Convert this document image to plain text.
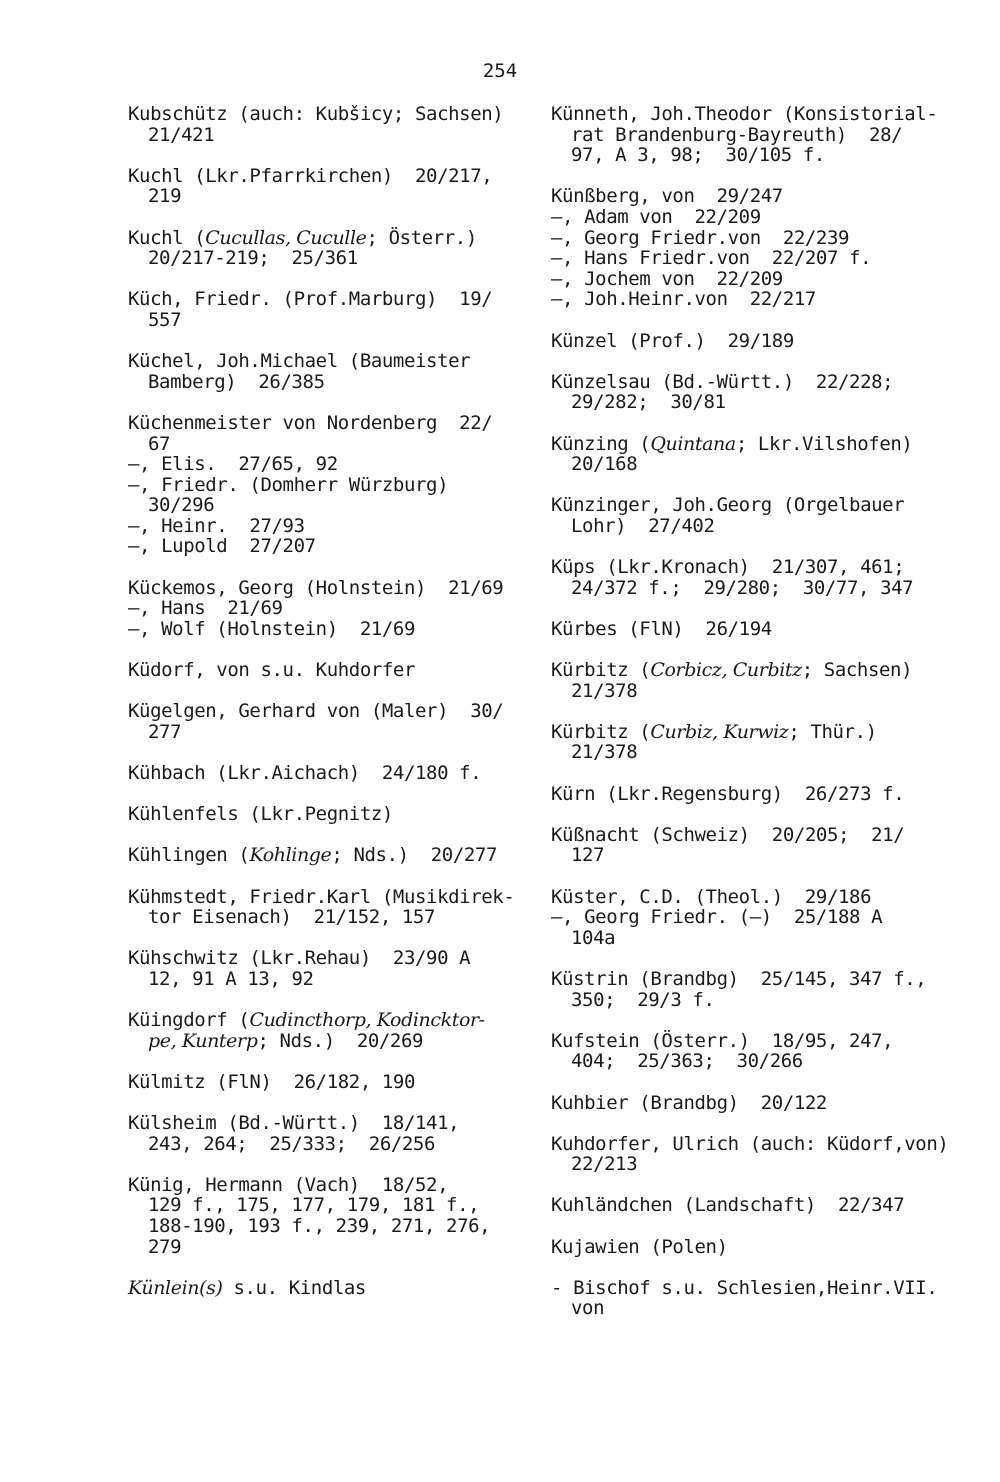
254
Kubschütz (auch: Kubšicy; Sachsen)
21/421
Kuchl (Lkr.Pfarrkirchen)  20/217,
219
Kuchl (Cucullas, Cuculle; Österr.)
20/217-219;  25/361
Küch, Friedr. (Prof.Marburg)  19/
557
Küchel, Joh.Michael (Baumeister
Bamberg)  26/385
Küchenmeister von Nordenberg  22/
67
—, Elis.  27/65, 92
—, Friedr. (Domherr Würzburg)
30/296
—, Heinr.  27/93
—, Lupold  27/207
Kückemos, Georg (Holnstein)  21/69
—, Hans  21/69
—, Wolf (Holnstein)  21/69
Küdorf, von s.u. Kuhdorfer
Kügelgen, Gerhard von (Maler)  30/
277
Kühbach (Lkr.Aichach)  24/180 f.
Kühlenfels (Lkr.Pegnitz)
Kühlingen (Kohlinge; Nds.)  20/277
Kühmstedt, Friedr.Karl (Musikdirek-
tor Eisenach)  21/152, 157
Kühschwitz (Lkr.Rehau)  23/90 A
12, 91 A 13, 92
Küingdorf (Cudincthorp, Kodincktor-
pe, Kunterp; Nds.)  20/269
Külmitz (FlN)  26/182, 190
Külsheim (Bd.-Württ.)  18/141,
243, 264;  25/333;  26/256
Künig, Hermann (Vach)  18/52,
129 f., 175, 177, 179, 181 f.,
188-190, 193 f., 239, 271, 276,
279
Künlein(s) s.u. Kindlas
Künneth, Joh.Theodor (Konsistorial-
rat Brandenburg-Bayreuth)  28/
97, A 3, 98;  30/105 f.
Künßberg, von  29/247
—, Adam von  22/209
—, Georg Friedr.von  22/239
—, Hans Friedr.von  22/207 f.
—, Jochem von  22/209
—, Joh.Heinr.von  22/217
Künzel (Prof.)  29/189
Künzelsau (Bd.-Württ.)  22/228;
29/282;  30/81
Künzing (Quintana; Lkr.Vilshofen)
20/168
Künzinger, Joh.Georg (Orgelbauer
Lohr)  27/402
Küps (Lkr.Kronach)  21/307, 461;
24/372 f.;  29/280;  30/77, 347
Kürbes (FlN)  26/194
Kürbitz (Corbicz, Curbitz; Sachsen)
21/378
Kürbitz (Curbiz, Kurwiz; Thür.)
21/378
Kürn (Lkr.Regensburg)  26/273 f.
Küßnacht (Schweiz)  20/205;  21/
127
Küster, C.D. (Theol.)  29/186
—, Georg Friedr. (—)  25/188 A
104a
Küstrin (Brandbg)  25/145, 347 f.,
350;  29/3 f.
Kufstein (Österr.)  18/95, 247,
404;  25/363;  30/266
Kuhbier (Brandbg)  20/122
Kuhdorfer, Ulrich (auch: Küdorf,von)
22/213
Kuhländchen (Landschaft)  22/347
Kujawien (Polen)
- Bischof s.u. Schlesien,Heinr.VII.
von
